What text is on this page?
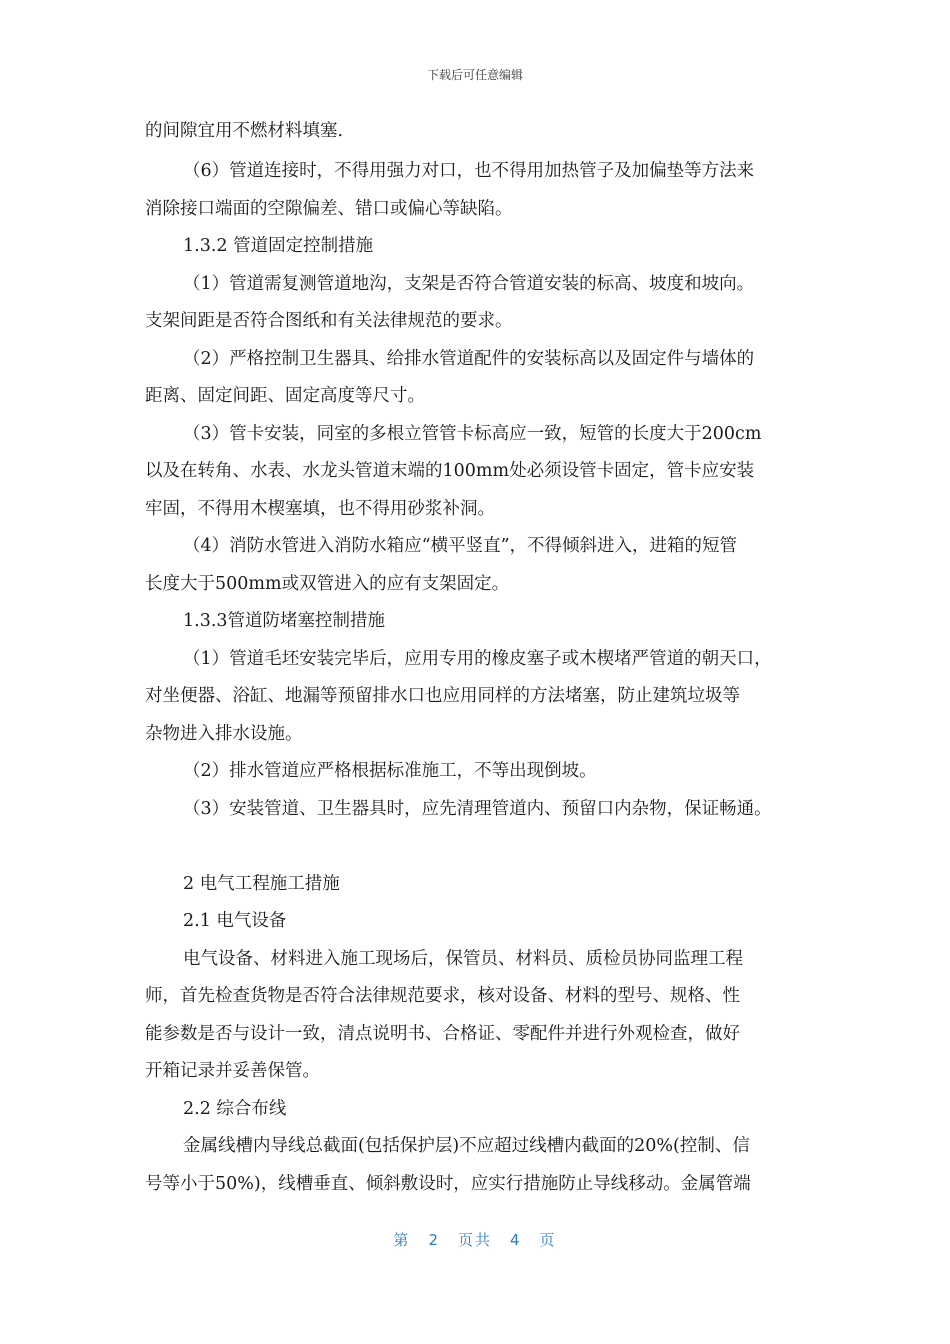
下载后可任意编辑
的间隙宜用不燃材料填塞.
（6）管道连接时，不得用强力对口，也不得用加热管子及加偏垫等方法来
消除接口端面的空隙偏差、错口或偏心等缺陷。
1.3.2 管道固定控制措施
（1）管道需复测管道地沟，支架是否符合管道安装的标高、坡度和坡向。
支架间距是否符合图纸和有关法律规范的要求。
（2）严格控制卫生器具、给排水管道配件的安装标高以及固定件与墙体的
距离、固定间距、固定高度等尺寸。
（3）管卡安装，同室的多根立管管卡标高应一致，短管的长度大于200cm
以及在转角、水表、水龙头管道末端的100mm处必须设管卡固定，管卡应安装
牢固，不得用木楔塞填，也不得用砂浆补洞。
（4）消防水管进入消防水箱应“横平竖直”，不得倾斜进入，进箱的短管
长度大于500mm或双管进入的应有支架固定。
1.3.3管道防堵塞控制措施
（1）管道毛坯安装完毕后，应用专用的橡皮塞子或木楔堵严管道的朝天口，
对坐便器、浴缸、地漏等预留排水口也应用同样的方法堵塞，防止建筑垃圾等
杂物进入排水设施。
（2）排水管道应严格根据标准施工，不等出现倒坡。
（3）安装管道、卫生器具时，应先清理管道内、预留口内杂物，保证畅通。
2 电气工程施工措施
2.1 电气设备
电气设备、材料进入施工现场后，保管员、材料员、质检员协同监理工程
师，首先检查货物是否符合法律规范要求，核对设备、材料的型号、规格、性
能参数是否与设计一致，清点说明书、合格证、零配件并进行外观检查，做好
开箱记录并妥善保管。
2.2 综合布线
金属线槽内导线总截面(包括保护层)不应超过线槽内截面的20%(控制、信
号等小于50%)，线槽垂直、倾斜敷设时，应实行措施防止导线移动。金属管端
第 2 页共 4 页
